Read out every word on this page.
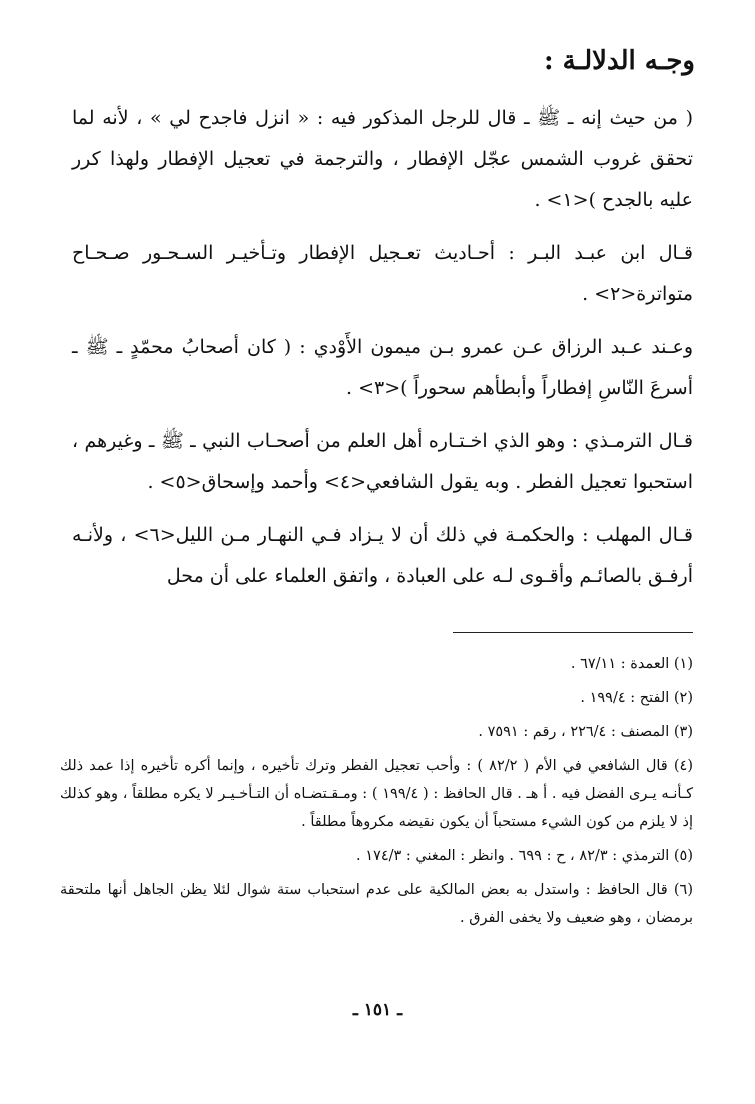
وجـه الدلالـة :

( من حيث إنه ـ ﷺ ـ قال للرجل المذكور فيه : « انزل فاجدح لي » ، لأنه لما تحقق غروب الشمس عجّل الإفطار ، والترجمة في تعجيل الإفطار ولهذا كرر عليه بالجدح )<١> .

قـال ابن عبـد البـر : أحـاديث تعـجيل الإفطار وتـأخيـر السـحـور صـحـاح متواترة<٢> .

وعـند عـبد الرزاق عـن عمرو بـن ميمون الأَوْدي : ( كان أصحابُ محمّدٍ ـ ﷺ ـ أسرعَ النّاسِ إفطاراً وأبطأهم سحوراً )<٣> .

قـال الترمـذي : وهو الذي اخـتـاره أهل العلم من أصحـاب النبي ـ ﷺ ـ وغيرهم ، استحبوا تعجيل الفطر . وبه يقول الشافعي<٤> وأحمد وإسحاق<٥> .

قـال المهلب : والحكمـة في ذلك أن لا يـزاد فـي النهـار مـن الليل<٦> ، ولأنـه أرفـق بالصائـم وأقـوى لـه على العبادة ، واتفق العلماء على أن محل

(١) العمدة : ٦٧/١١ .

(٢) الفتح : ١٩٩/٤ .

(٣) المصنف : ٢٢٦/٤ ، رقم : ٧٥٩١ .

(٤) قال الشافعي في الأم ( ٨٢/٢ ) : وأحب تعجيل الفطر وترك تأخيره ، وإنما أكره تأخيره إذا عمد ذلك كـأنـه يـرى الفضل فيه . أ هـ . قال الحافظ : ( ١٩٩/٤ ) : ومـقـتضـاه أن التـأخـيـر لا يكره مطلقاً ، وهو كذلك إذ لا يلزم من كون الشيء مستحباً أن يكون نقيضه مكروهاً مطلقاً .

(٥) الترمذي : ٨٢/٣ ، ح : ٦٩٩ . وانظر : المغني : ١٧٤/٣ .

(٦) قال الحافظ : واستدل به بعض المالكية على عدم استحباب ستة شوال لئلا يظن الجاهل أنها ملتحقة برمضان ، وهو ضعيف ولا يخفى الفرق .

ـ ١٥١ ـ
